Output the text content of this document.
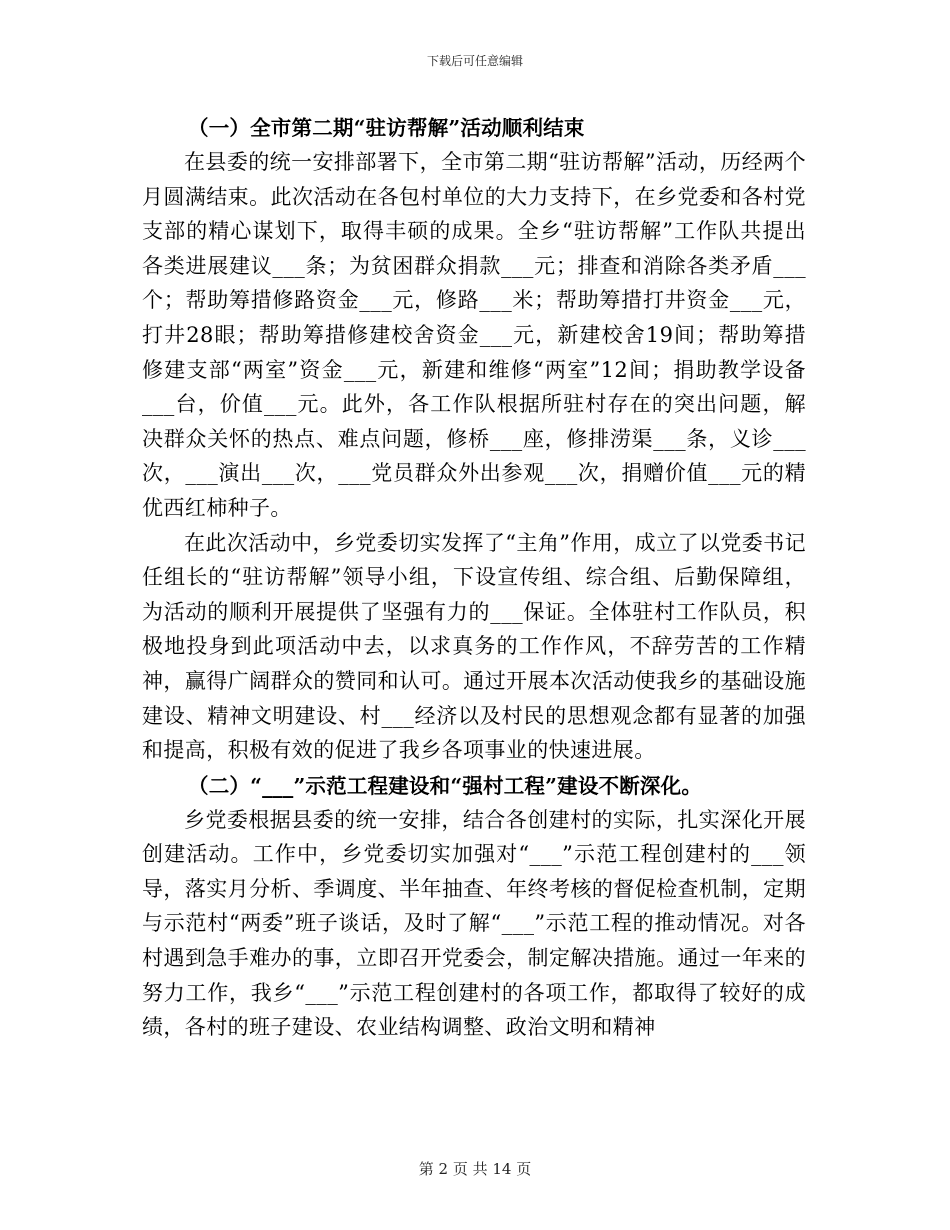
下载后可任意编辑
（一）全市第二期“驻访帮解”活动顺利结束

在县委的统一安排部署下，全市第二期“驻访帮解”活动，历经两个月圆满结束。此次活动在各包村单位的大力支持下，在乡党委和各村党支部的精心谋划下，取得丰硕的成果。全乡“驻访帮解”工作队共提出各类进展建议___条；为贫困群众捐款___元；排查和消除各类矛盾___个；帮助筹措修路资金___元，修路___米；帮助筹措打井资金___元，打井28眼；帮助筹措修建校舍资金___元，新建校舍19间；帮助筹措修建支部“两室”资金___元，新建和维修“两室”12间；捐助教学设备___台，价值___元。此外，各工作队根据所驻村存在的突出问题，解决群众关怀的热点、难点问题，修桥___座，修排涝渠___条，义诊___次，___演出___次，___党员群众外出参观___次，捐赠价值___元的精优西红柿种子。

在此次活动中，乡党委切实发挥了“主角”作用，成立了以党委书记任组长的“驻访帮解”领导小组，下设宣传组、综合组、后勤保障组，为活动的顺利开展提供了坚强有力的___保证。全体驻村工作队员，积极地投身到此项活动中去，以求真务的工作作风，不辞劳苦的工作精神，赢得广阔群众的赞同和认可。通过开展本次活动使我乡的基础设施建设、精神文明建设、村___经济以及村民的思想观念都有显著的加强和提高，积极有效的促进了我乡各项事业的快速进展。

（二）“___”示范工程建设和“强村工程”建设不断深化。

乡党委根据县委的统一安排，结合各创建村的实际，扎实深化开展创建活动。工作中，乡党委切实加强对“___”示范工程创建村的___领导，落实月分析、季调度、半年抽查、年终考核的督促检查机制，定期与示范村“两委”班子谈话，及时了解“___”示范工程的推动情况。对各村遇到急手难办的事，立即召开党委会，制定解决措施。通过一年来的努力工作，我乡“___”示范工程创建村的各项工作，都取得了较好的成绩，各村的班子建设、农业结构调整、政治文明和精神

第 2 页 共 14 页
